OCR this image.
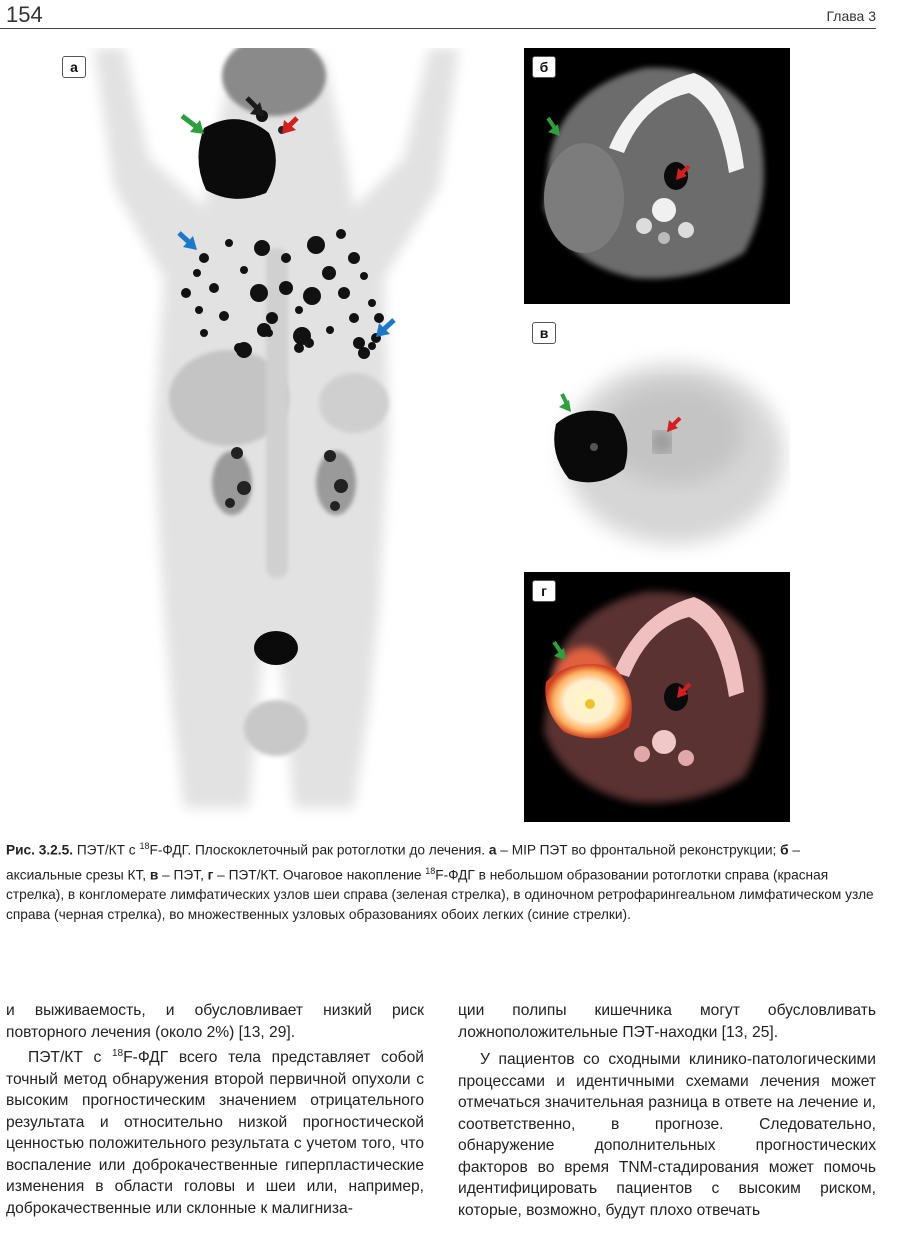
154	Глава 3
а	б
в
г
Рис. 3.2.5. ПЭТ/КТ с $^{18}$F-ФДГ. Плоскоклеточный рак ротоглотки до лечения. а – MIP ПЭТ во фронтальной реконструкции; б – аксиальные срезы КТ, в – ПЭТ, г – ПЭТ/КТ. Очаговое накопление $^{18}$F-ФДГ в небольшом образовании ротоглотки справа (красная стрелка), в конгломерате лимфатических узлов шеи справа (зеленая стрелка), в одиночном ретрофарингеальном лимфатическом узле справа (черная стрелка), во множественных узловых образованиях обоих легких (синие стрелки).

и выживаемость, и обусловливает низкий риск повторного лечения (около 2%) [13, 29].

ПЭТ/КТ с $^{18}$F-ФДГ всего тела представляет собой точный метод обнаружения второй первичной опухоли с высоким прогностическим значением отрицательного результата и относительно низкой прогностической ценностью положительного результата с учетом того, что воспаление или доброкачественные гиперпластические изменения в области головы и шеи или, например, доброкачественные или склонные к малигниза-

ции полипы кишечника могут обусловливать ложноположительные ПЭТ-находки [13, 25].

У пациентов со сходными клинико-патологическими процессами и идентичными схемами лечения может отмечаться значительная разница в ответе на лечение и, соответственно, в прогнозе. Следовательно, обнаружение дополнительных прогностических факторов во время TNM-стадирования может помочь идентифицировать пациентов с высоким риском, которые, возможно, будут плохо отвечать
